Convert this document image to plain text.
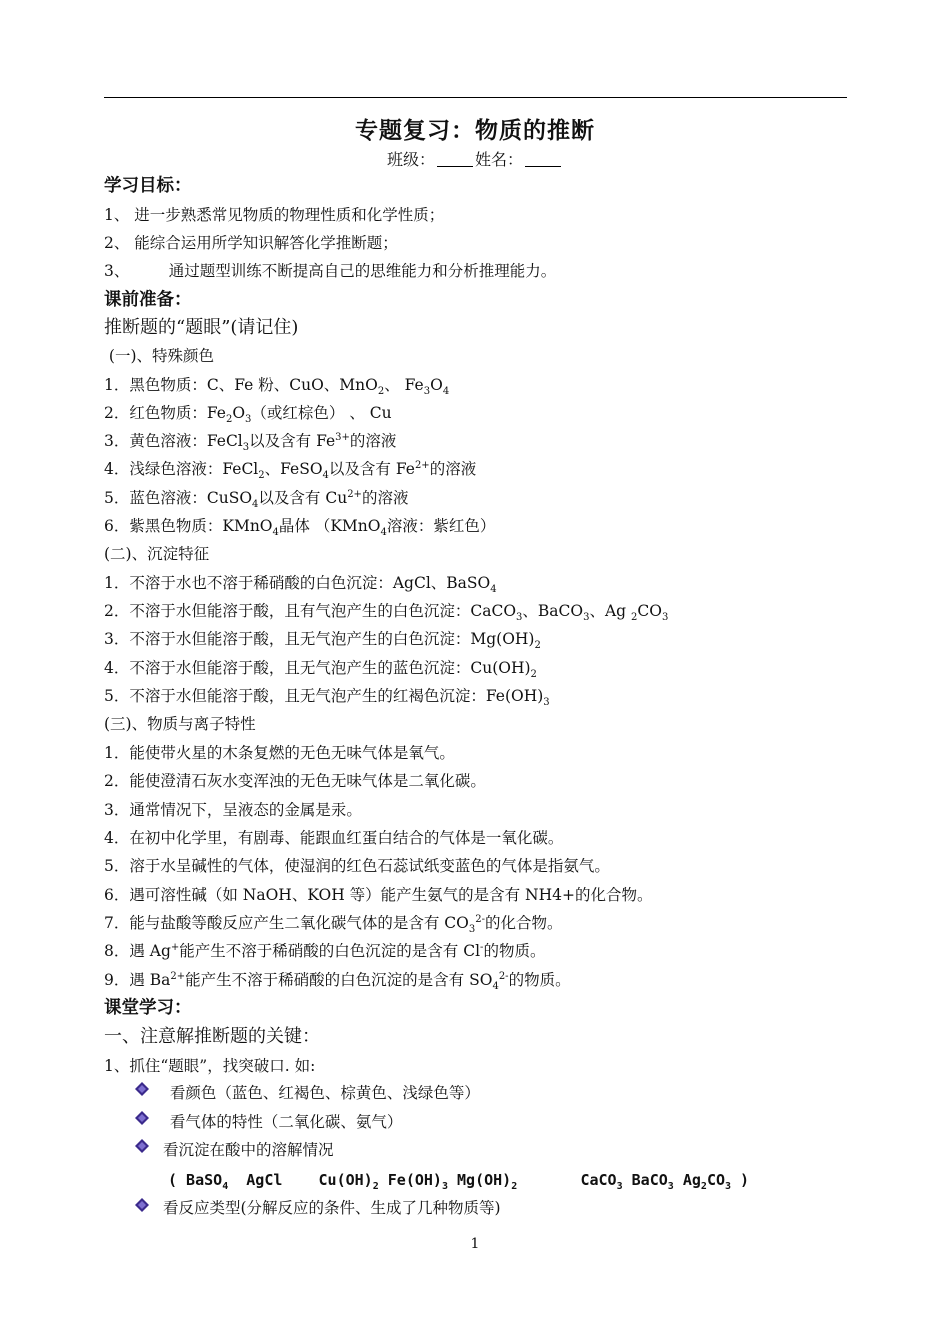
专题复习：物质的推断
班级：	姓名：
学习目标：
1、 进一步熟悉常见物质的物理性质和化学性质；
2、 能综合运用所学知识解答化学推断题；
3、        通过题型训练不断提高自己的思维能力和分析推理能力。
课前准备：
推断题的“题眼”(请记住)
(一)、特殊颜色
1．黑色物质：C、Fe 粉、CuO、MnO$_2$、 $Fe_3O_4$
2．红色物质：$Fe_2O_3$（或红棕色） 、 Cu
3．黄色溶液：FeCl$_3$以及含有 $Fe^{3+}$的溶液
4．浅绿色溶液：FeCl$_2$、FeSO$_4$以及含有 $Fe^{2+}$的溶液
5．蓝色溶液：CuSO$_4$以及含有 $Cu^{2+}$的溶液
6．紫黑色物质：KMnO$_4$晶体 （KMnO$_4$溶液：紫红色）
(二)、沉淀特征
1．不溶于水也不溶于稀硝酸的白色沉淀：AgCl、BaSO$_4$
2．不溶于水但能溶于酸，且有气泡产生的白色沉淀：CaCO$_3$、BaCO$_3$、Ag $_2CO_3$
3．不溶于水但能溶于酸，且无气泡产生的白色沉淀：$Mg(OH)_2$
4．不溶于水但能溶于酸，且无气泡产生的蓝色沉淀：$Cu(OH)_2$
5．不溶于水但能溶于酸，且无气泡产生的红褐色沉淀：$Fe(OH)_3$
(三)、物质与离子特性
1．能使带火星的木条复燃的无色无味气体是氧气。
2．能使澄清石灰水变浑浊的无色无味气体是二氧化碳。
3．通常情况下，呈液态的金属是汞。
4．在初中化学里，有剧毒、能跟血红蛋白结合的气体是一氧化碳。
5．溶于水呈碱性的气体，使湿润的红色石蕊试纸变蓝色的气体是指氨气。
6．遇可溶性碱（如 NaOH、KOH 等）能产生氨气的是含有 NH4+的化合物。
7．能与盐酸等酸反应产生二氧化碳气体的是含有 $CO_3^{2-}$的化合物。
8．遇 Ag+能产生不溶于稀硝酸的白色沉淀的是含有 Cl-的物质。
9．遇 $Ba^{2+}$能产生不溶于稀硝酸的白色沉淀的是含有 $SO_4^{2-}$的物质。
课堂学习：
一、注意解推断题的关键：
1、抓住“题眼”，找突破口. 如:
看颜色（蓝色、红褐色、棕黄色、浅绿色等）
看气体的特性（二氧化碳、氨气）
看沉淀在酸中的溶解情况
( BaSO$_4$  AgCl    $Cu(OH)_2$ $Fe(OH)_3$ $Mg(OH)_2$       CaCO$_3$ BaCO$_3$ $Ag_2CO_3$ )
看反应类型(分解反应的条件、生成了几种物质等)
1
